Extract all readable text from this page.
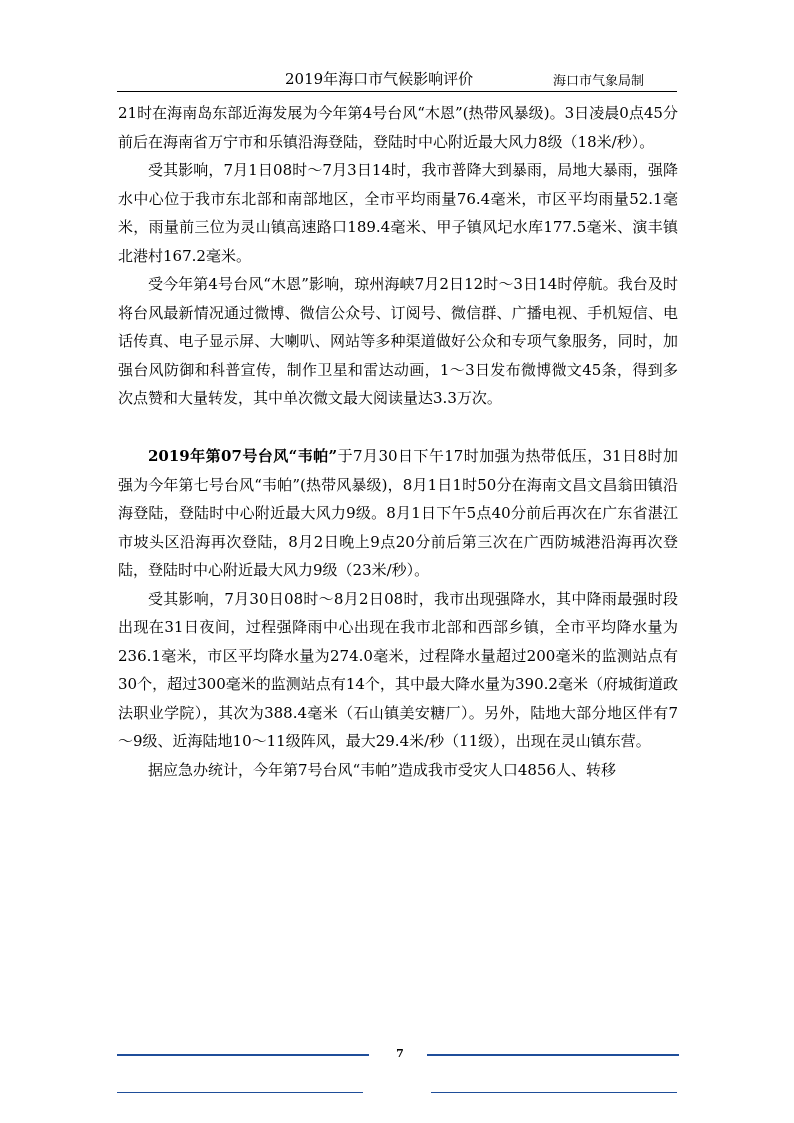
2019年海口市气候影响评价	海口市气象局制

21时在海南岛东部近海发展为今年第4号台风“木恩”(热带风暴级)。3日凌晨0点45分前后在海南省万宁市和乐镇沿海登陆，登陆时中心附近最大风力8级（18米/秒）。

受其影响，7月1日08时～7月3日14时，我市普降大到暴雨，局地大暴雨，强降水中心位于我市东北部和南部地区，全市平均雨量76.4毫米，市区平均雨量52.1毫米，雨量前三位为灵山镇高速路口189.4毫米、甲子镇风圮水库177.5毫米、演丰镇北港村167.2毫米。

受今年第4号台风“木恩”影响，琼州海峡7月2日12时～3日14时停航。我台及时将台风最新情况通过微博、微信公众号、订阅号、微信群、广播电视、手机短信、电话传真、电子显示屏、大喇叭、网站等多种渠道做好公众和专项气象服务，同时，加强台风防御和科普宣传，制作卫星和雷达动画，1～3日发布微博微文45条，得到多次点赞和大量转发，其中单次微文最大阅读量达3.3万次。

2019年第07号台风“韦帕”于7月30日下午17时加强为热带低压，31日8时加强为今年第七号台风“韦帕”(热带风暴级)，8月1日1时50分在海南文昌文昌翁田镇沿海登陆，登陆时中心附近最大风力9级。8月1日下午5点40分前后再次在广东省湛江市坡头区沿海再次登陆，8月2日晚上9点20分前后第三次在广西防城港沿海再次登陆，登陆时中心附近最大风力9级（23米/秒）。

受其影响，7月30日08时～8月2日08时，我市出现强降水，其中降雨最强时段出现在31日夜间，过程强降雨中心出现在我市北部和西部乡镇，全市平均降水量为236.1毫米，市区平均降水量为274.0毫米，过程降水量超过200毫米的监测站点有30个，超过300毫米的监测站点有14个，其中最大降水量为390.2毫米（府城街道政法职业学院），其次为388.4毫米（石山镇美安糖厂）。另外，陆地大部分地区伴有7～9级、近海陆地10～11级阵风，最大29.4米/秒（11级），出现在灵山镇东营。

据应急办统计，今年第7号台风“韦帕”造成我市受灾人口4856人、转移

7
